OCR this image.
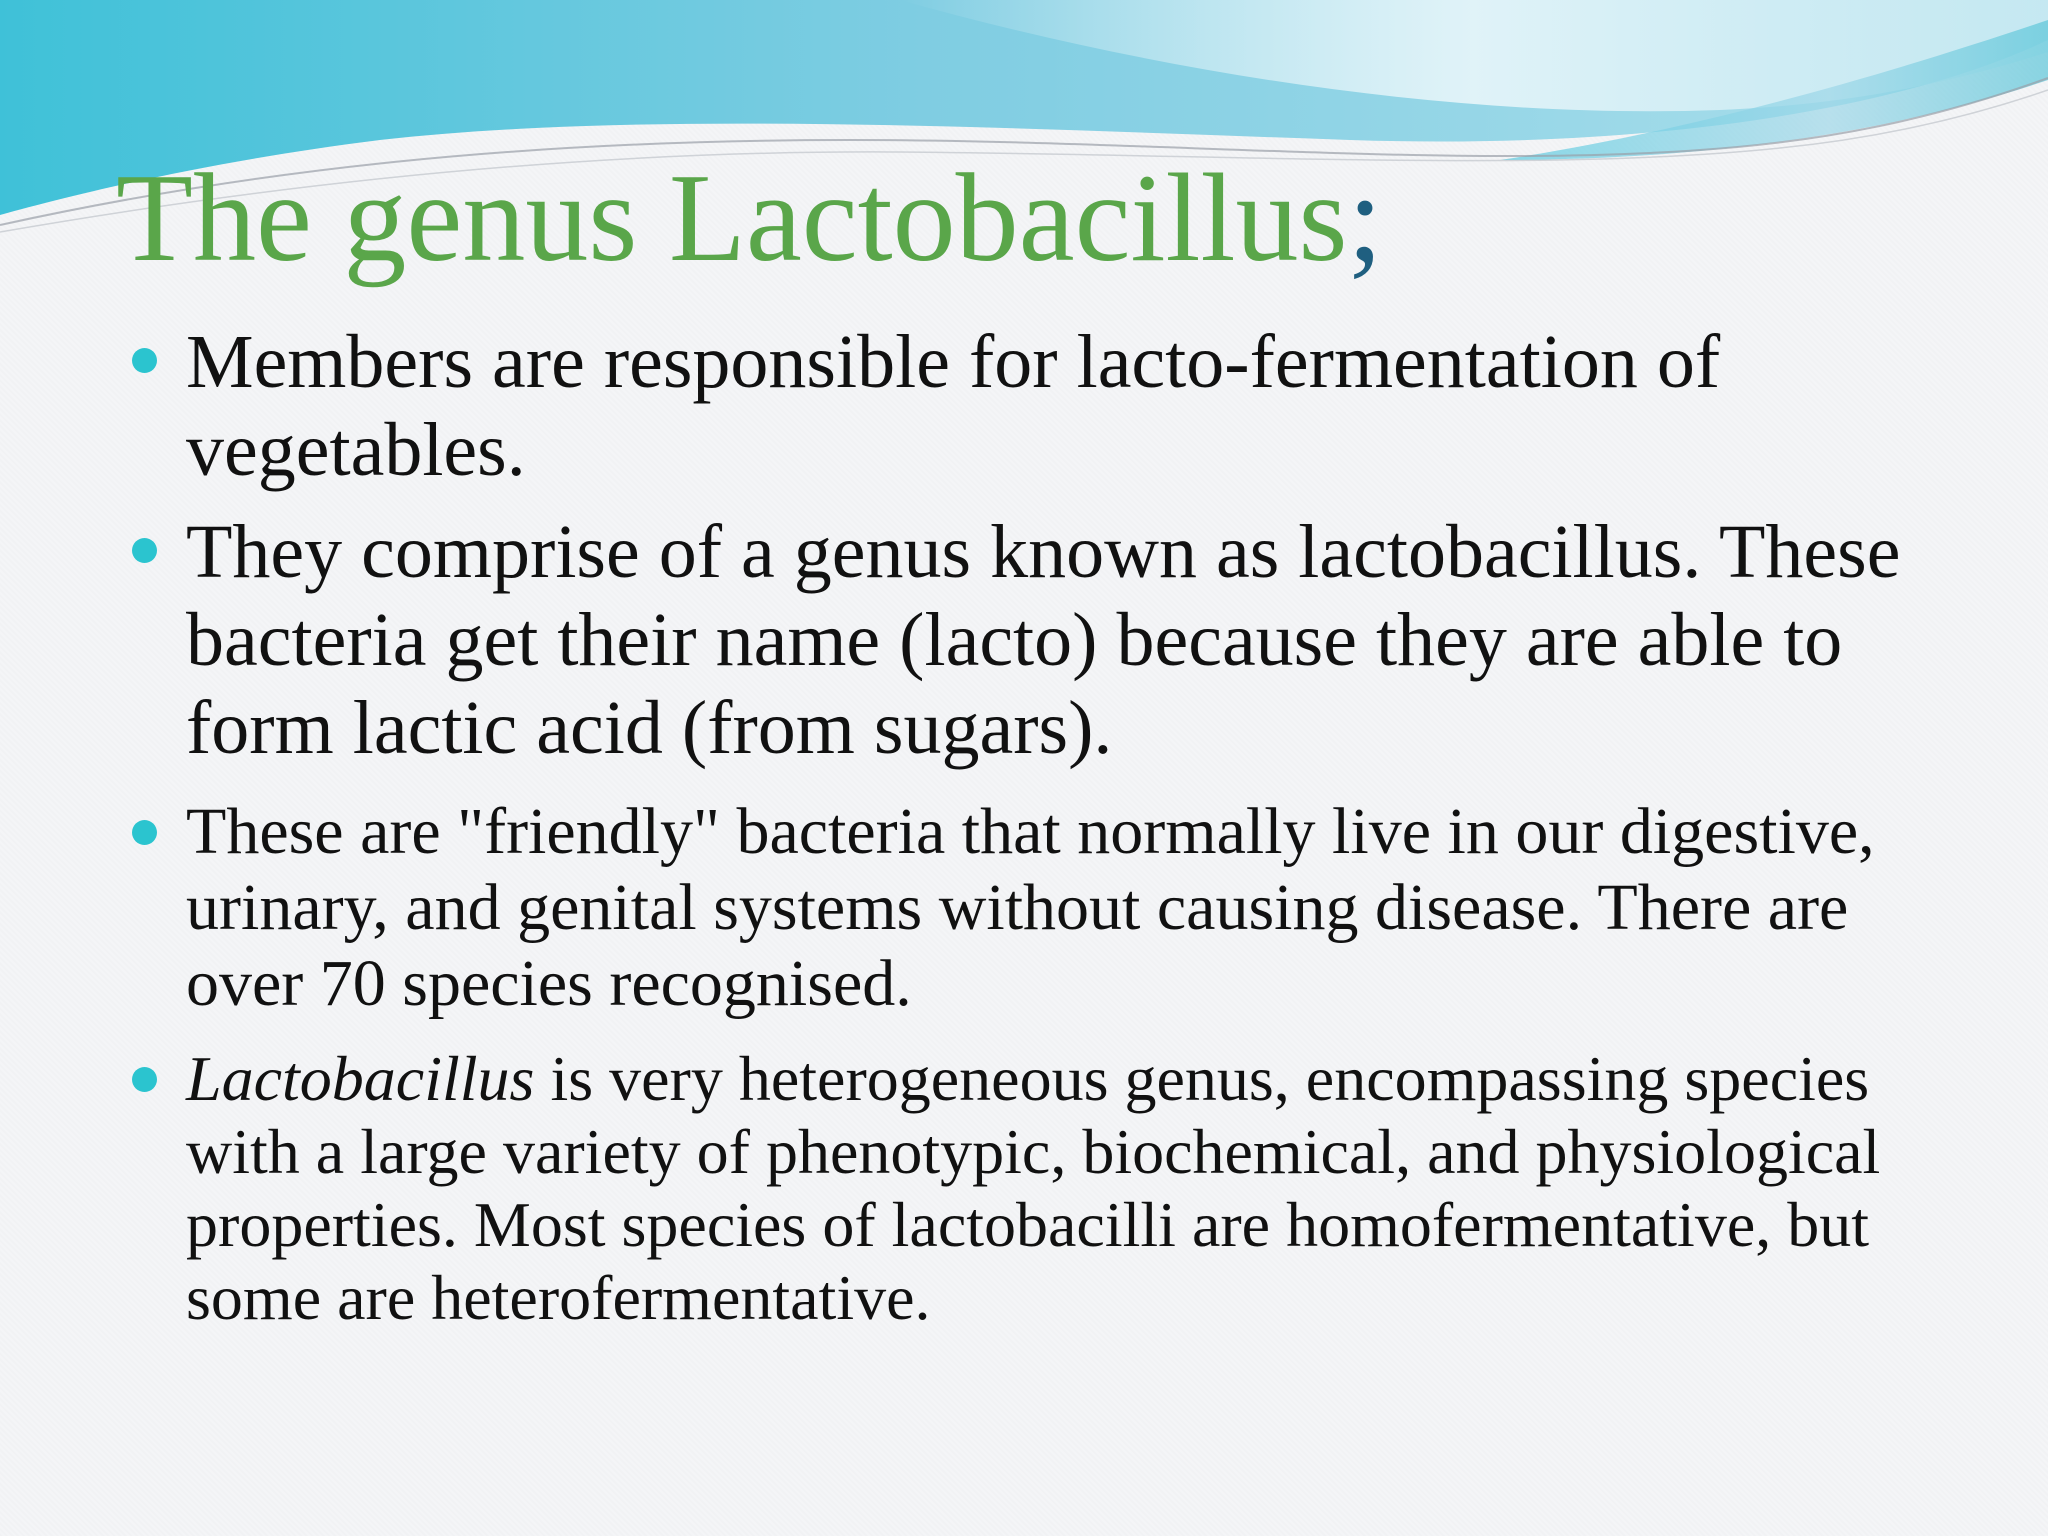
The genus Lactobacillus;
Members are responsible for lacto-fermentation of vegetables.
They comprise of a genus known as lactobacillus. These bacteria get their name (lacto) because they are able to form lactic acid (from sugars).
These are "friendly" bacteria that normally live in our digestive, urinary, and genital systems without causing disease. There are over 70 species recognised.
Lactobacillus is very heterogeneous genus, encompassing species with a large variety of phenotypic, biochemical, and physiological properties. Most species of lactobacilli are homofermentative, but some are heterofermentative.
